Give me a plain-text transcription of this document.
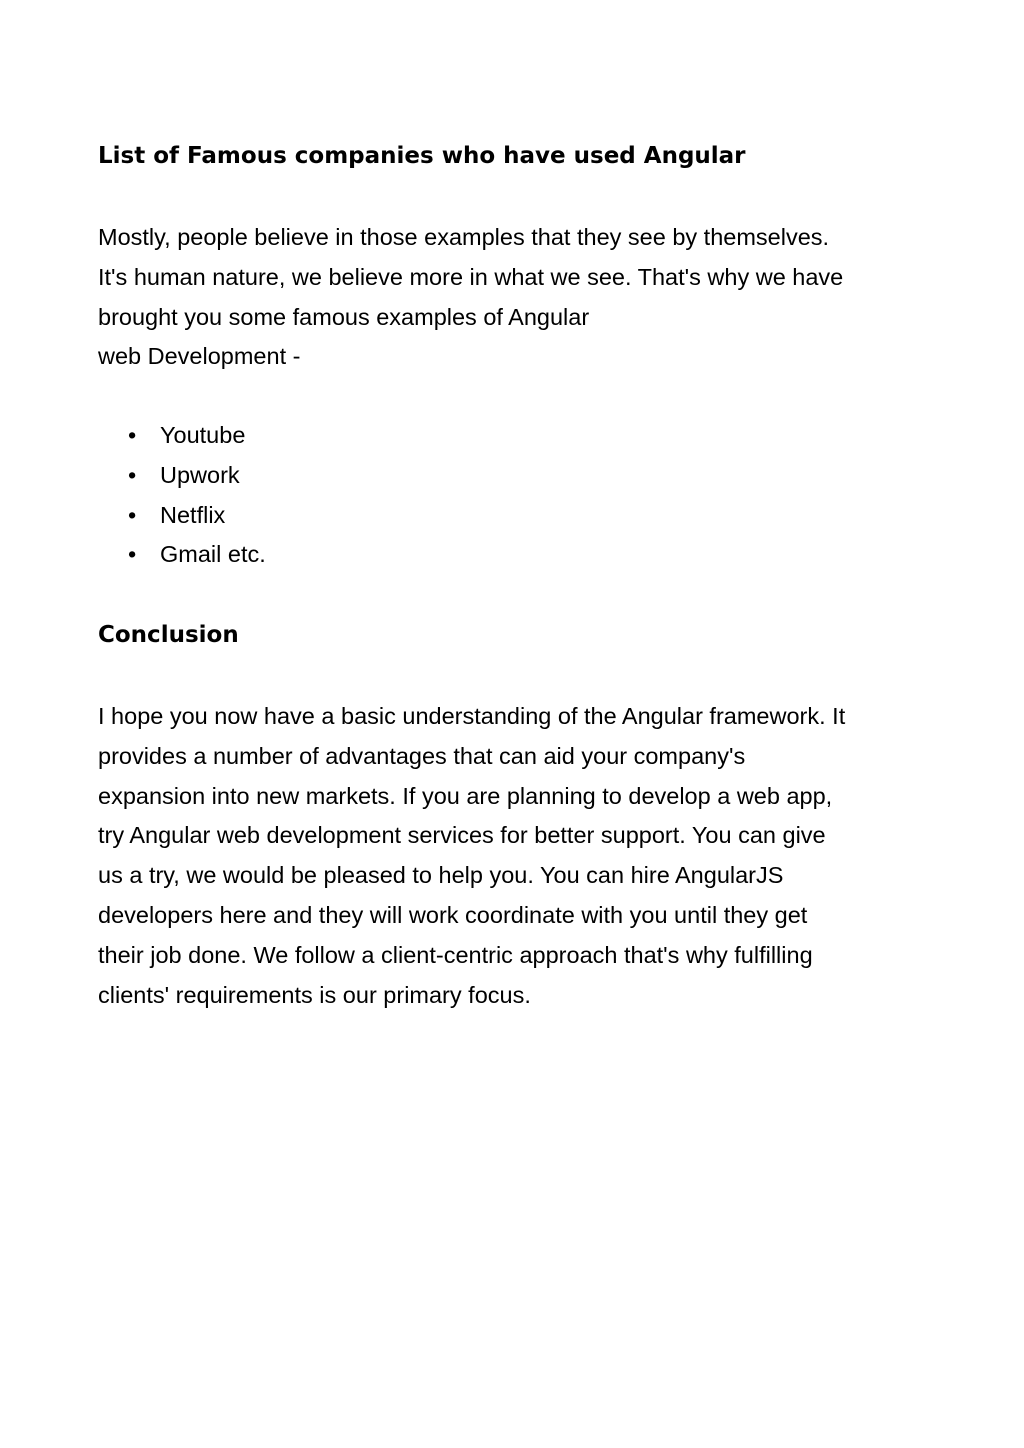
List of Famous companies who have used Angular

Mostly, people believe in those examples that they see by themselves.
It's human nature, we believe more in what we see. That's why we have
brought you some famous examples of Angular
web Development -

• Youtube
• Upwork
• Netflix
• Gmail etc.
Conclusion

I hope you now have a basic understanding of the Angular framework. It
provides a number of advantages that can aid your company's
expansion into new markets. If you are planning to develop a web app,
try Angular web development services for better support. You can give
us a try, we would be pleased to help you. You can hire AngularJS
developers here and they will work coordinate with you until they get
their job done. We follow a client-centric approach that's why fulfilling
clients' requirements is our primary focus.
